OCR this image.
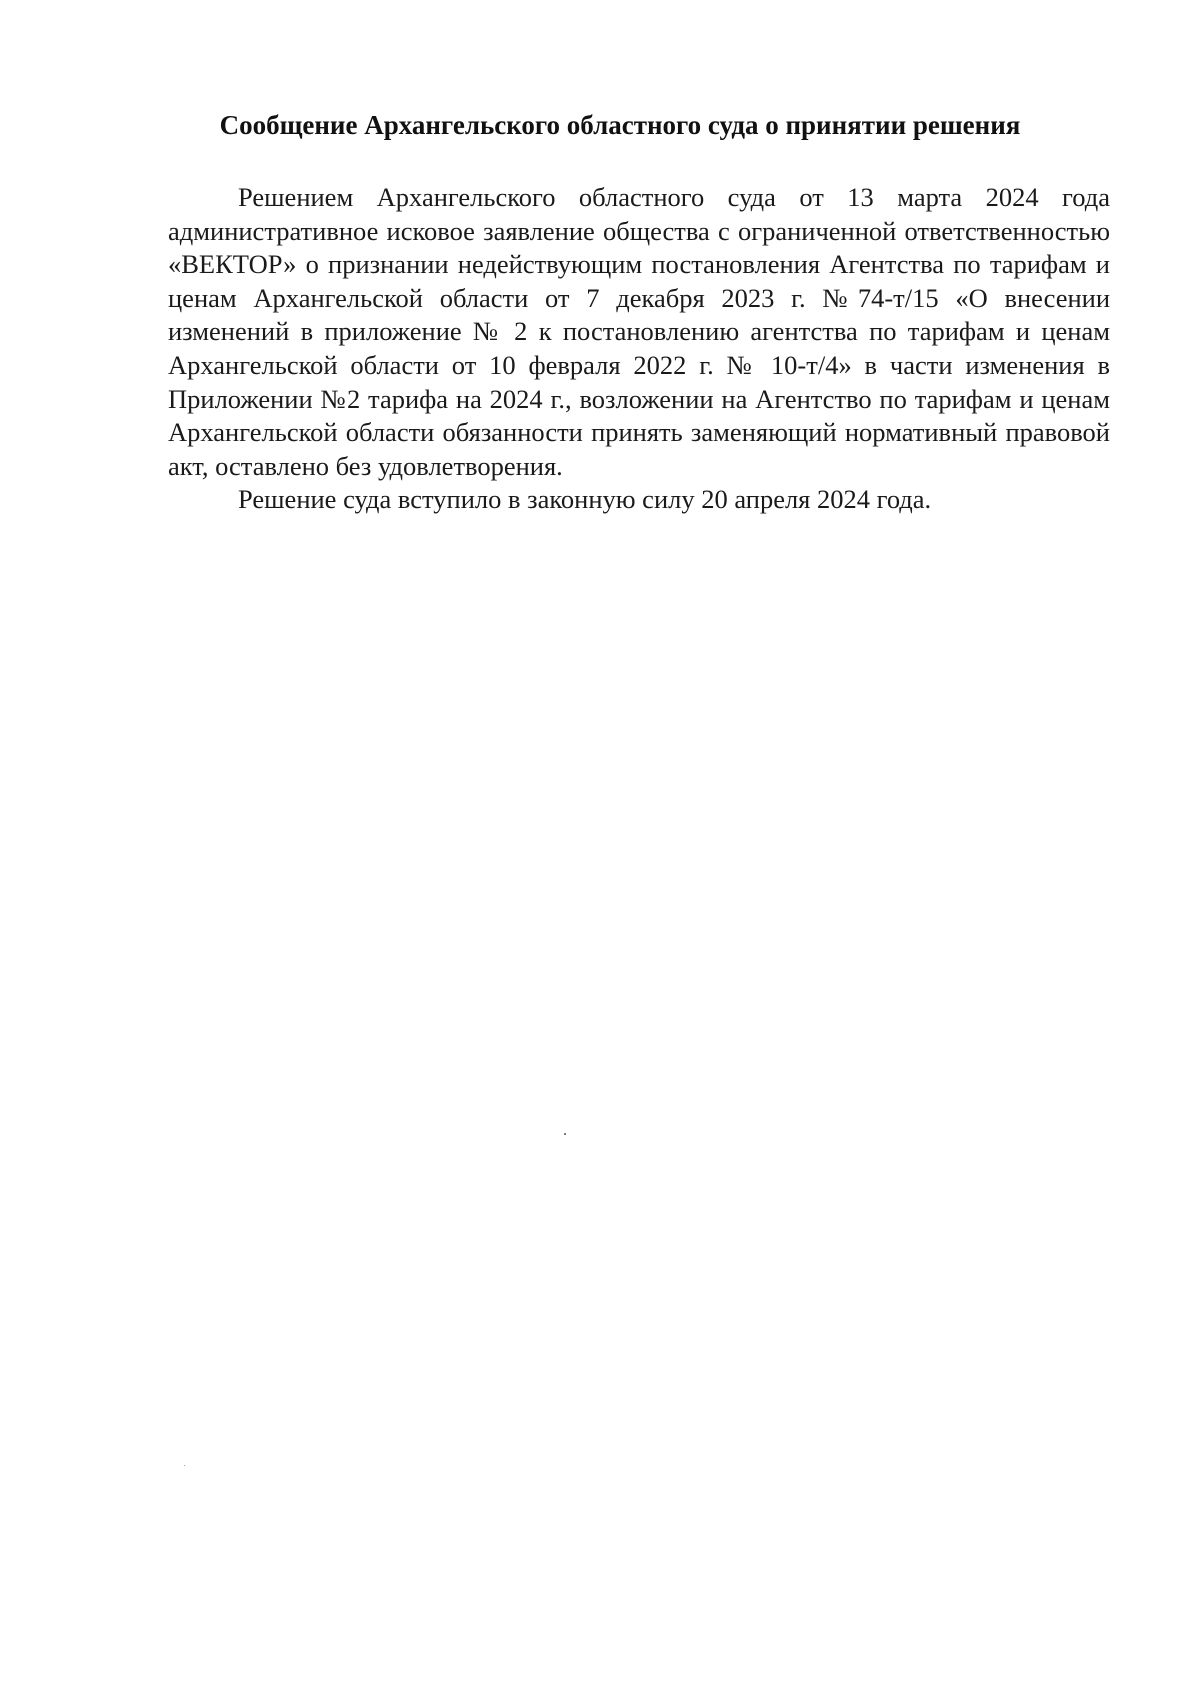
Сообщение Архангельского областного суда о принятии решения

Решением Архангельского областного суда от 13 марта 2024 года административное исковое заявление общества с ограниченной ответственностью «ВЕКТОР» о признании недействующим постановления Агентства по тарифам и ценам Архангельской области от 7 декабря 2023 г. №74-т/15 «О внесении изменений в приложение № 2 к постановлению агентства по тарифам и ценам Архангельской области от 10 февраля 2022 г. № 10-т/4» в части изменения в Приложении №2 тарифа на 2024 г., возложении на Агентство по тарифам и ценам Архангельской области обязанности принять заменяющий нормативный правовой акт, оставлено без удовлетворения.

Решение суда вступило в законную силу 20 апреля 2024 года.
